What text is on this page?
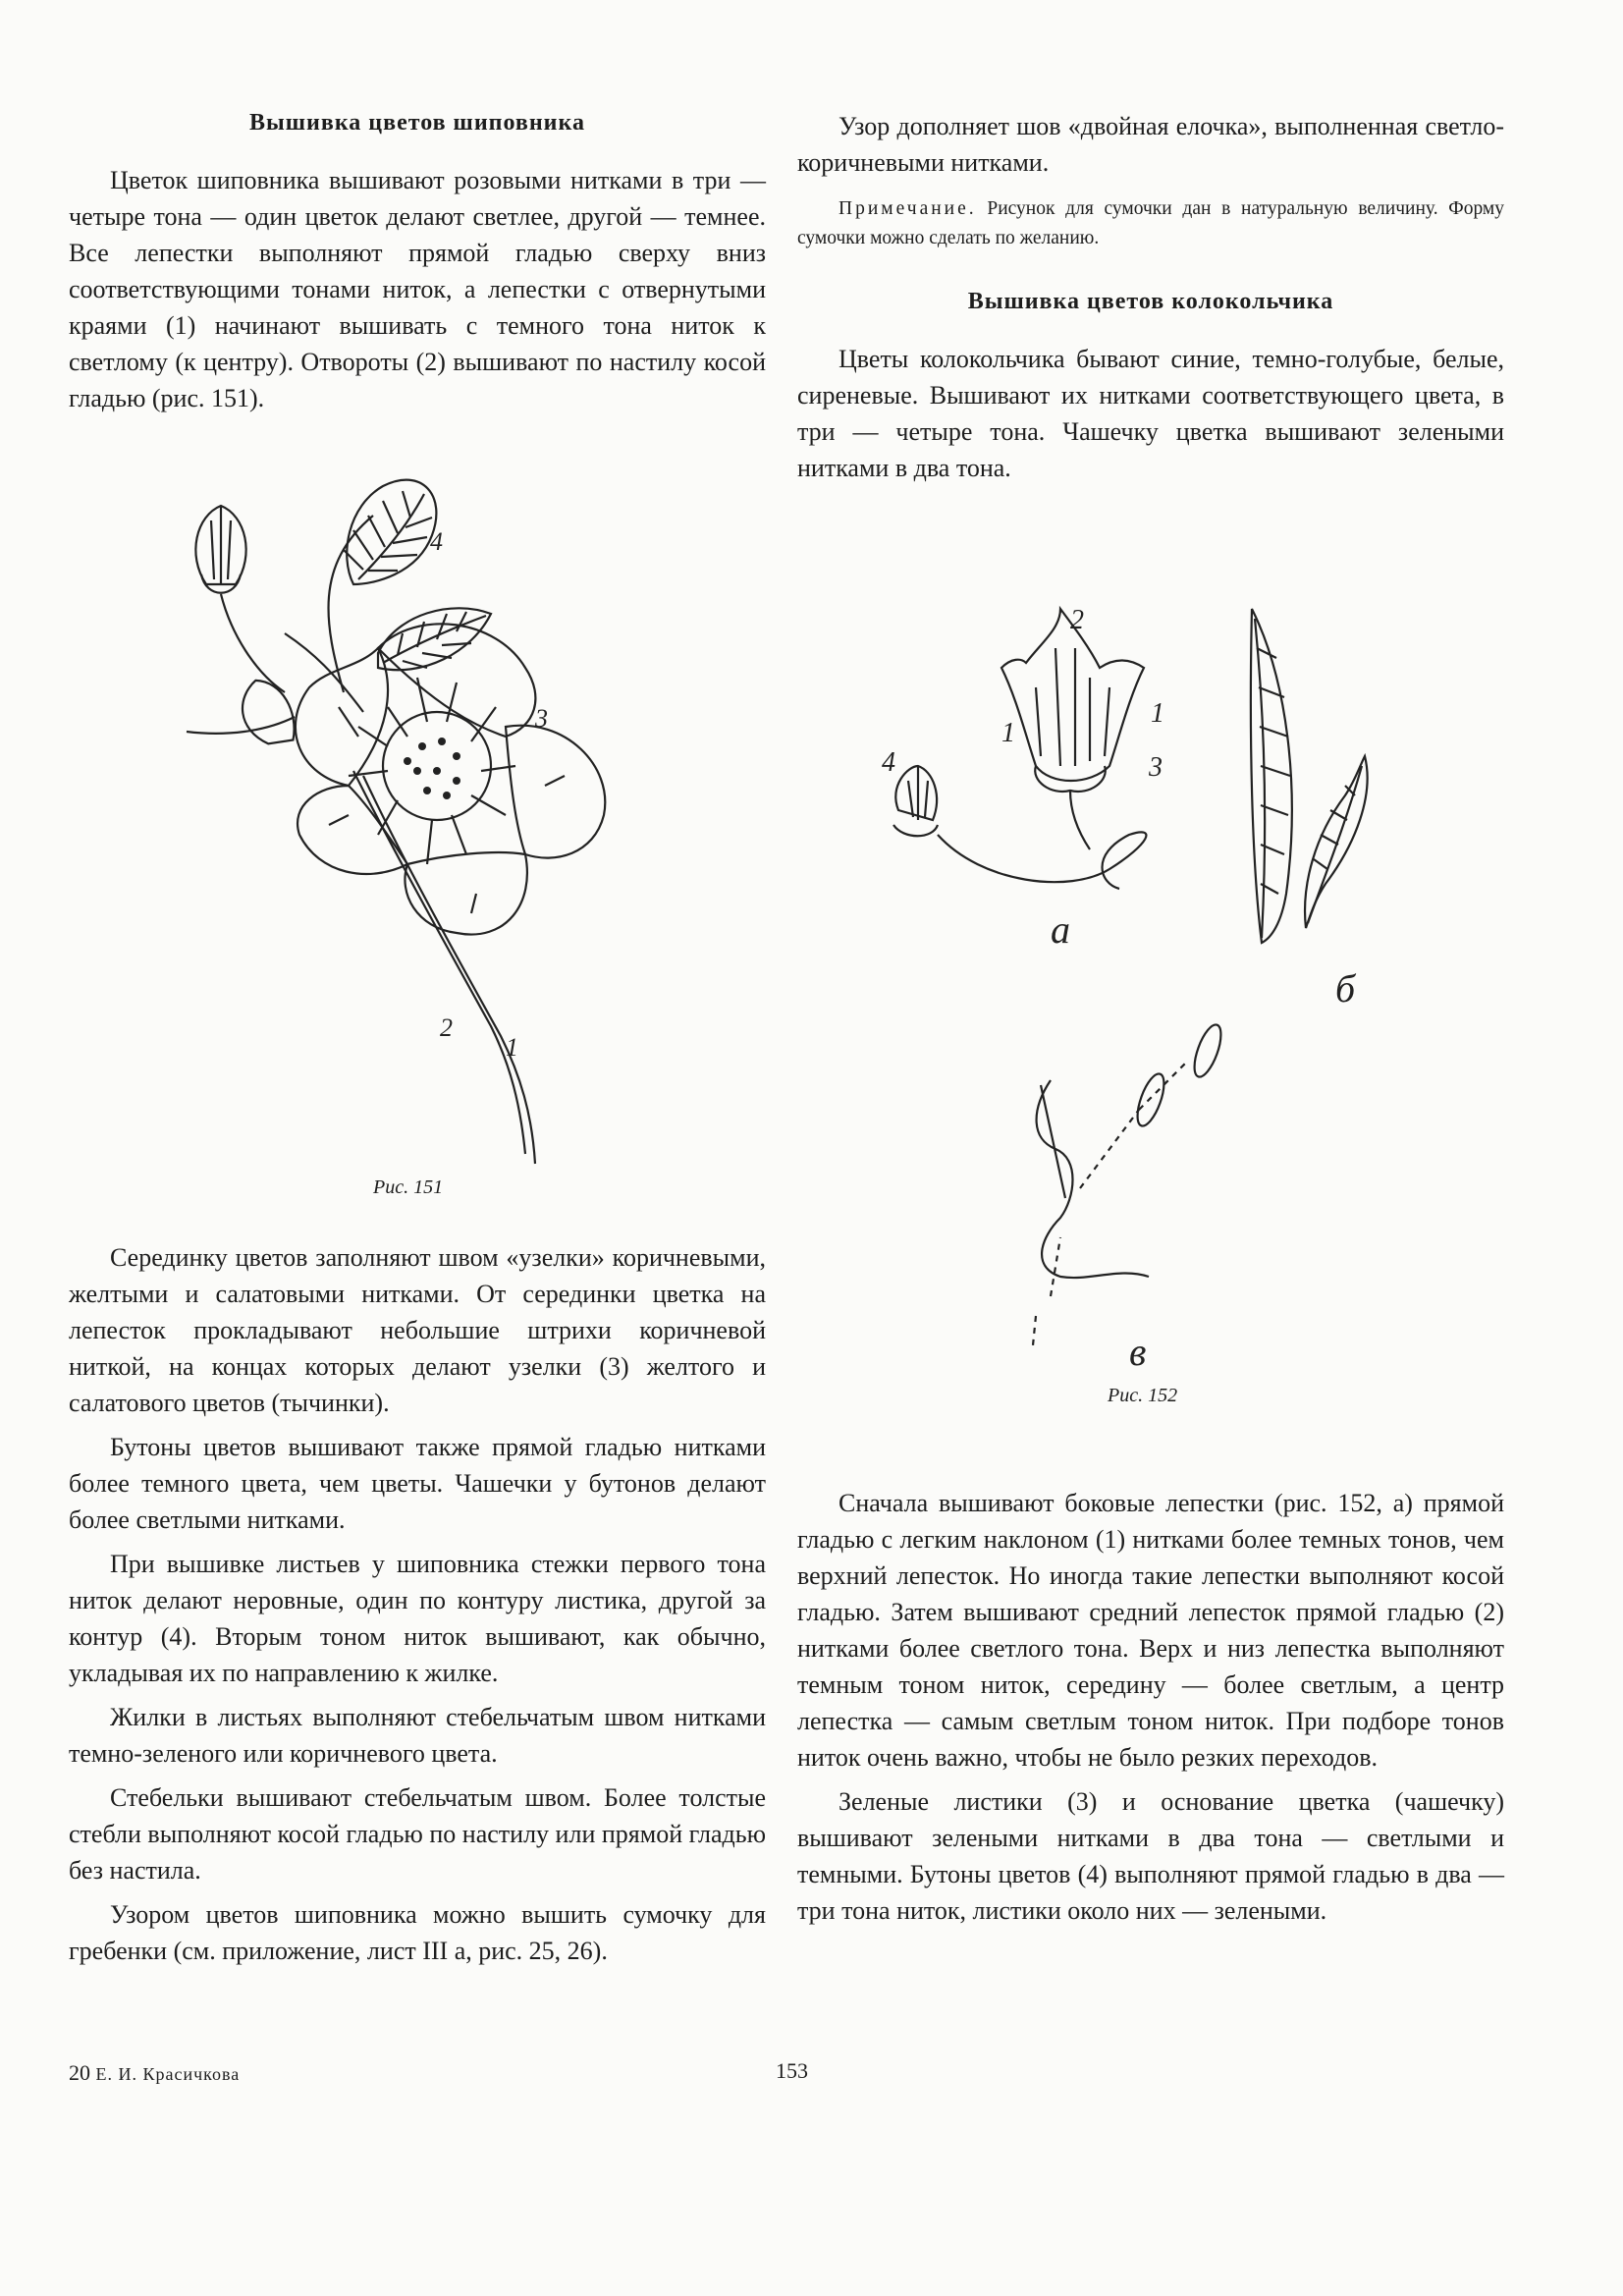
Вышивка цветов шиповника

Цветок шиповника вышивают розовыми нитками в три — четыре тона — один цветок делают светлее, другой — темнее. Все лепестки выполняют прямой гладью сверху вниз соответствующими тонами ниток, а лепестки с отвернутыми краями (1) начинают вышивать с темного тона ниток к светлому (к центру). Отвороты (2) вышивают по настилу косой гладью (рис. 151).

4
3
2
1
Рис. 151

Серединку цветов заполняют швом «узелки» коричневыми, желтыми и салатовыми нитками. От серединки цветка на лепесток прокладывают небольшие штрихи коричневой ниткой, на концах которых делают узелки (3) желтого и салатового цветов (тычинки).

Бутоны цветов вышивают также прямой гладью нитками более темного цвета, чем цветы. Чашечки у бутонов делают более светлыми нитками.

При вышивке листьев у шиповника стежки первого тона ниток делают неровные, один по контуру листика, другой за контур (4). Вторым тоном ниток вышивают, как обычно, укладывая их по направлению к жилке.

Жилки в листьях выполняют стебельчатым швом нитками темно-зеленого или коричневого цвета.

Стебельки вышивают стебельчатым швом. Более толстые стебли выполняют косой гладью по настилу или прямой гладью без настила.

Узором цветов шиповника можно вышить сумочку для гребенки (см. приложение, лист III а, рис. 25, 26).

Узор дополняет шов «двойная елочка», выполненная светло-коричневыми нитками.

Примечание. Рисунок для сумочки дан в натуральную величину. Форму сумочки можно сделать по желанию.

Вышивка цветов колокольчика

Цветы колокольчика бывают синие, темно-голубые, белые, сиреневые. Вышивают их нитками соответствующего цвета, в три — четыре тона. Чашечку цветка вышивают зелеными нитками в два тона.

2
1
1
3
4
а
б
в
Рис. 152

Сначала вышивают боковые лепестки (рис. 152, а) прямой гладью с легким наклоном (1) нитками более темных тонов, чем верхний лепесток. Но иногда такие лепестки выполняют косой гладью. Затем вышивают средний лепесток прямой гладью (2) нитками более светлого тона. Верх и низ лепестка выполняют темным тоном ниток, середину — более светлым, а центр лепестка — самым светлым тоном ниток. При подборе тонов ниток очень важно, чтобы не было резких переходов.

Зеленые листики (3) и основание цветка (чашечку) вышивают зелеными нитками в два тона — светлыми и темными. Бутоны цветов (4) выполняют прямой гладью в два — три тона ниток, листики около них — зелеными.

20 Е. И. Красичкова	153
